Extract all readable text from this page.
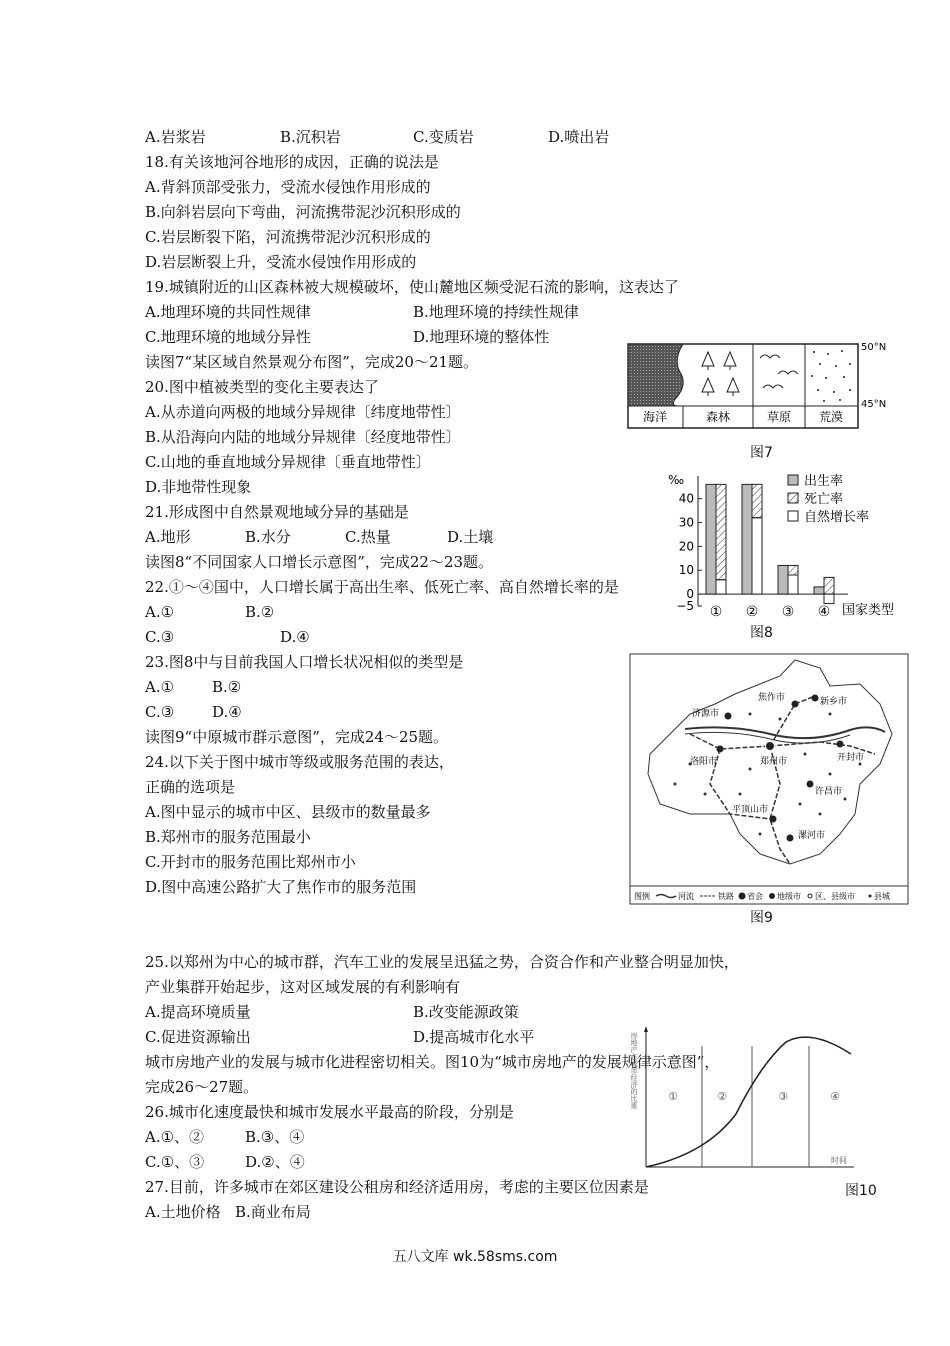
A.岩浆岩	B.沉积岩	C.变质岩	D.喷出岩
18.有关该地河谷地形的成因，正确的说法是
A.背斜顶部受张力，受流水侵蚀作用形成的
B.向斜岩层向下弯曲，河流携带泥沙沉积形成的
C.岩层断裂下陷，河流携带泥沙沉积形成的
D.岩层断裂上升，受流水侵蚀作用形成的
19.城镇附近的山区森林被大规模破坏，使山麓地区频受泥石流的影响，这表达了
A.地理环境的共同性规律	B.地理环境的持续性规律
C.地理环境的地域分异性	D.地理环境的整体性
读图7“某区域自然景观分布图”，完成20～21题。
20.图中植被类型的变化主要表达了
A.从赤道向两极的地域分异规律〔纬度地带性〕
B.从沿海向内陆的地域分异规律〔经度地带性〕
C.山地的垂直地域分异规律〔垂直地带性〕
D.非地带性现象
21.形成图中自然景观地域分异的基础是
A.地形	B.水分	C.热量	D.土壤
读图8“不同国家人口增长示意图”，完成22～23题。
22.①～④国中，人口增长属于高出生率、低死亡率、高自然增长率的是
A.①	B.②
C.③	D.④
23.图8中与目前我国人口增长状况相似的类型是
A.①	B.②
C.③	D.④
读图9“中原城市群示意图”，完成24～25题。
24.以下关于图中城市等级或服务范围的表达，
正确的选项是
A.图中显示的城市中区、县级市的数量最多
B.郑州市的服务范围最小
C.开封市的服务范围比郑州市小
D.图中高速公路扩大了焦作市的服务范围
25.以郑州为中心的城市群，汽车工业的发展呈迅猛之势，合资合作和产业整合明显加快，
产业集群开始起步，这对区域发展的有利影响有
A.提高环境质量	B.改变能源政策
C.促进资源输出	D.提高城市化水平
城市房地产业的发展与城市化进程密切相关。图10为“城市房地产的发展规律示意图”，
完成26～27题。
26.城市化速度最快和城市发展水平最高的阶段，分别是
A.①、②	B.③、④
C.①、③	D.②、④
27.目前，许多城市在郊区建设公租房和经济适用房，考虑的主要区位因素是
A.土地价格 B.商业布局
海洋	森林	草原 荒漠
50°N
45°N
图7
‰
40
30
20
10
0
−5 ① ② ③ ④ 国家类型
出生率
死亡率
自然增长率
图8
焦作市	新乡市
济源市
洛阳市	郑州市	开封市
许昌市
平顶山市
漯河市
图例	河流	铁路 省会 地级市 区、县级市 县城
图9
①	②	③	④
时间
房地产占城市经济的比重
图10
五八文库 wk.58sms.com
